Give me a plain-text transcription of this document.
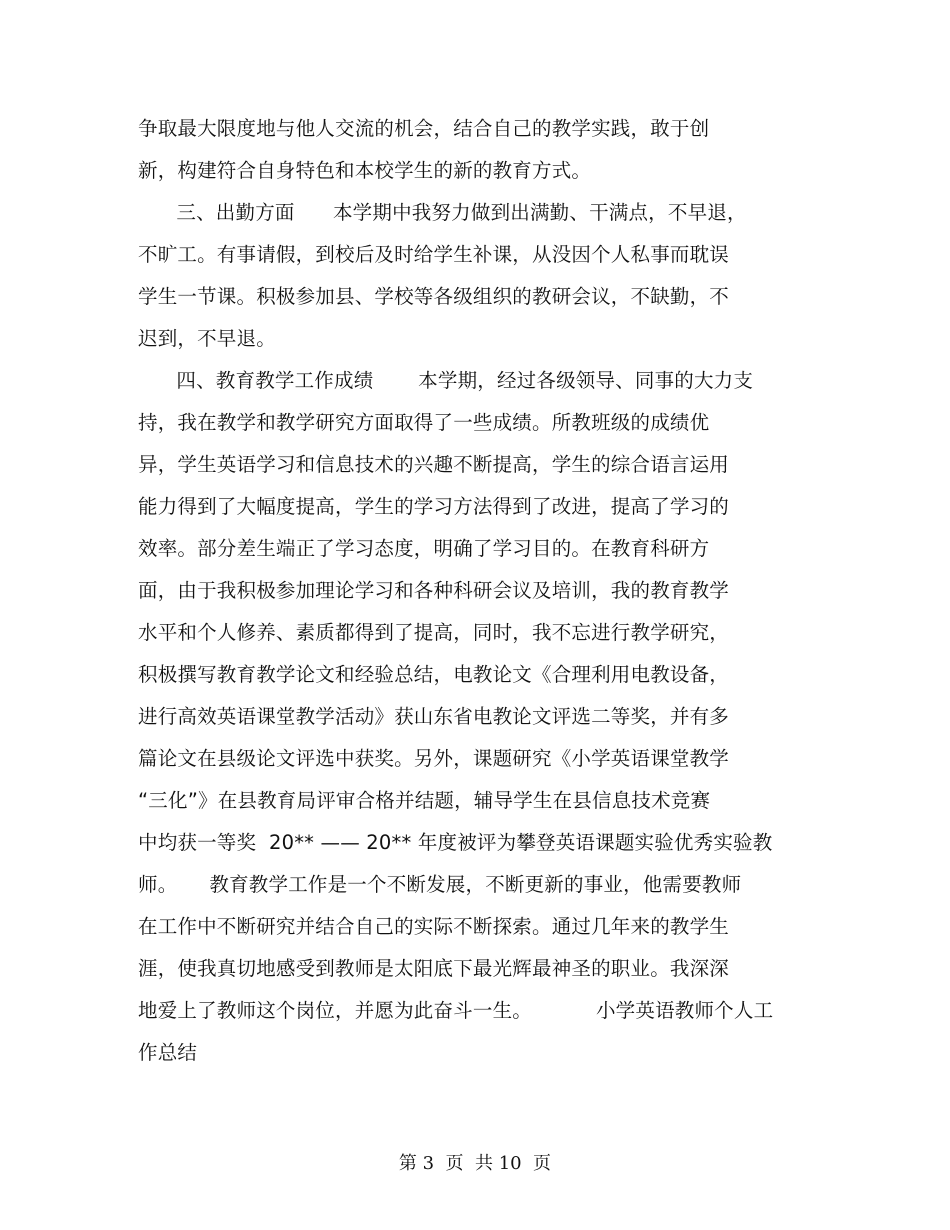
争取最大限度地与他人交流的机会，结合自己的教学实践，敢于创
新，构建符合自身特色和本校学生的新的教育方式。
三、出勤方面      本学期中我努力做到出满勤、干满点，不早退，
不旷工。有事请假，到校后及时给学生补课，从没因个人私事而耽误
学生一节课。积极参加县、学校等各级组织的教研会议，不缺勤，不
迟到，不早退。
四、教育教学工作成绩       本学期，经过各级领导、同事的大力支
持，我在教学和教学研究方面取得了一些成绩。所教班级的成绩优
异，学生英语学习和信息技术的兴趣不断提高，学生的综合语言运用
能力得到了大幅度提高，学生的学习方法得到了改进，提高了学习的
效率。部分差生端正了学习态度，明确了学习目的。在教育科研方
面，由于我积极参加理论学习和各种科研会议及培训，我的教育教学
水平和个人修养、素质都得到了提高，同时，我不忘进行教学研究，
积极撰写教育教学论文和经验总结，电教论文《合理利用电教设备，
进行高效英语课堂教学活动》获山东省电教论文评选二等奖，并有多
篇论文在县级论文评选中获奖。另外，课题研究《小学英语课堂教学
“三化”》在县教育局评审合格并结题，辅导学生在县信息技术竞赛
中均获一等奖  20** —— 20** 年度被评为攀登英语课题实验优秀实验教
师。     教育教学工作是一个不断发展，不断更新的事业，他需要教师
在工作中不断研究并结合自己的实际不断探索。通过几年来的教学生
涯，使我真切地感受到教师是太阳底下最光辉最神圣的职业。我深深
地爱上了教师这个岗位，并愿为此奋斗一生。          小学英语教师个人工
作总结
第 3  页  共 10  页
